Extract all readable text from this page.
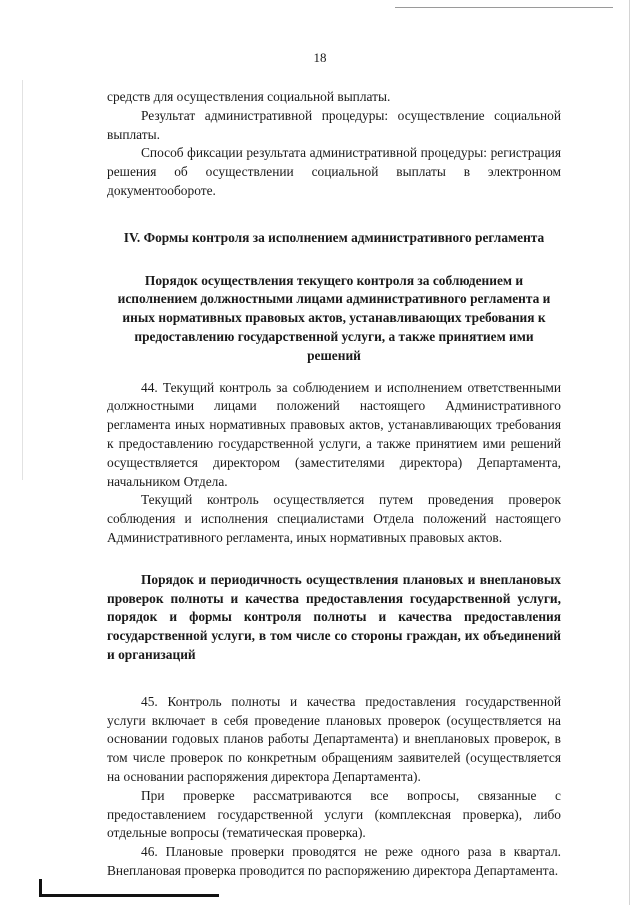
18

средств для осуществления социальной выплаты.

Результат административной процедуры: осуществление социальной выплаты.

Способ фиксации результата административной процедуры: регистрация решения об осуществлении социальной выплаты в электронном документообороте.

IV. Формы контроля за исполнением административного регламента
Порядок осуществления текущего контроля за соблюдением и исполнением должностными лицами административного регламента и иных нормативных правовых актов, устанавливающих требования к предоставлению государственной услуги, а также принятием ими решений

44. Текущий контроль за соблюдением и исполнением ответственными должностными лицами положений настоящего Административного регламента иных нормативных правовых актов, устанавливающих требования к предоставлению государственной услуги, а также принятием ими решений осуществляется директором (заместителями директора) Департамента, начальником Отдела.

Текущий контроль осуществляется путем проведения проверок соблюдения и исполнения специалистами Отдела положений настоящего Административного регламента, иных нормативных правовых актов.

Порядок и периодичность осуществления плановых и внеплановых проверок полноты и качества предоставления государственной услуги, порядок и формы контроля полноты и качества предоставления государственной услуги, в том числе со стороны граждан, их объединений и организаций

45. Контроль полноты и качества предоставления государственной услуги включает в себя проведение плановых проверок (осуществляется на основании годовых планов работы Департамента) и внеплановых проверок, в том числе проверок по конкретным обращениям заявителей (осуществляется на основании распоряжения директора Департамента).

При проверке рассматриваются все вопросы, связанные с предоставлением государственной услуги (комплексная проверка), либо отдельные вопросы (тематическая проверка).

46. Плановые проверки проводятся не реже одного раза в квартал. Внеплановая проверка проводится по распоряжению директора Департамента.
